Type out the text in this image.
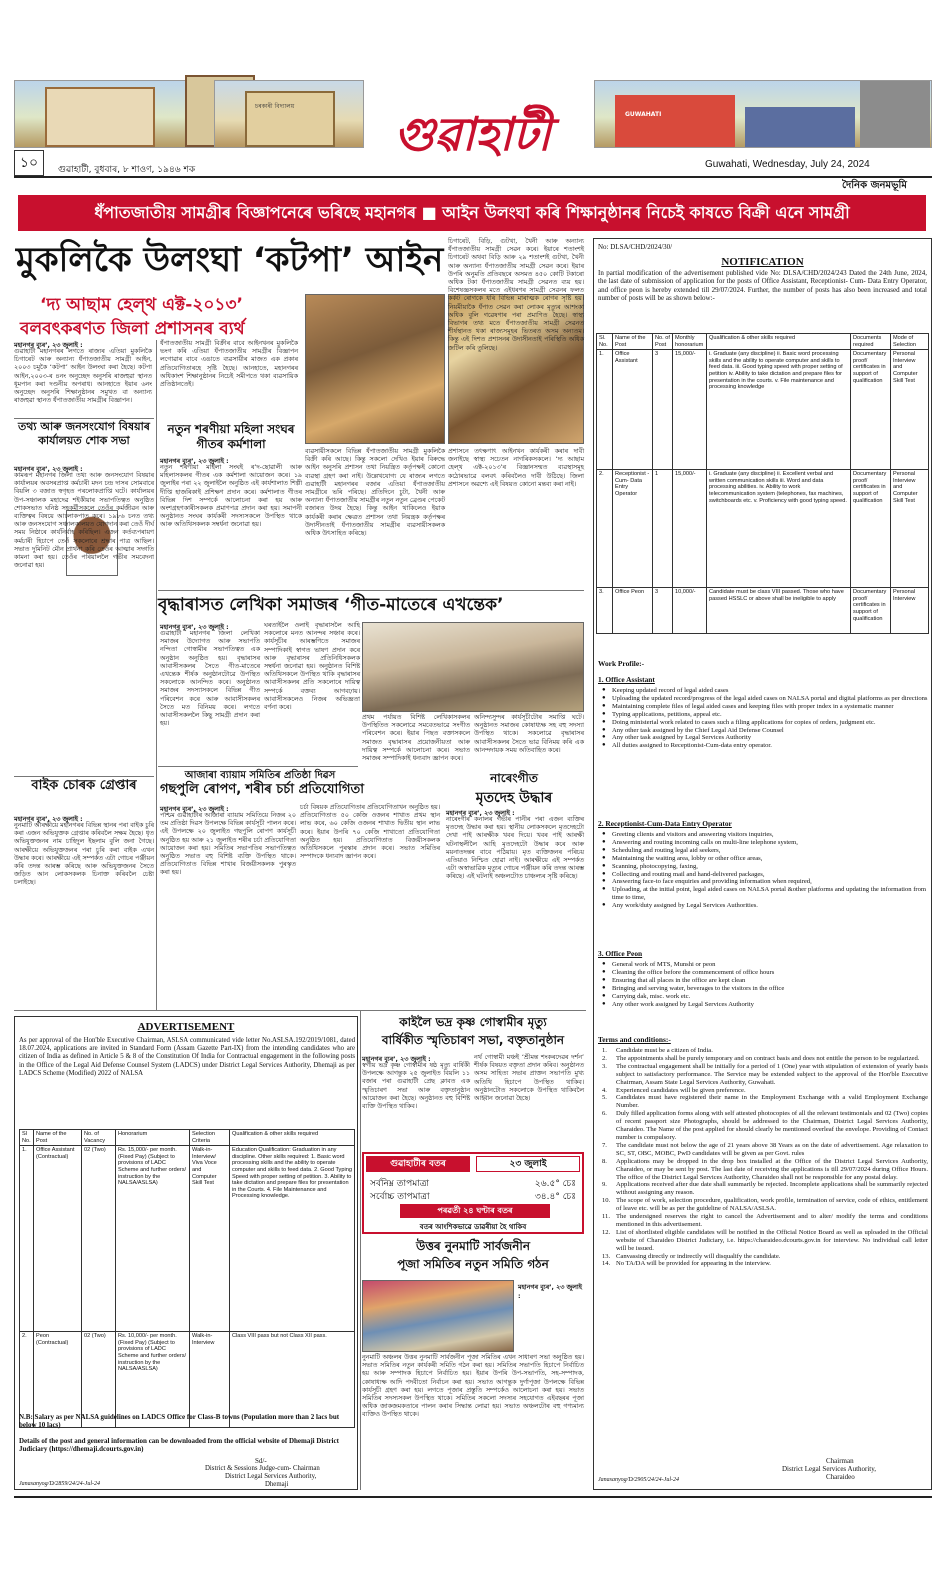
চৰকাৰী বিদ্যালয়
গুৱাহাটী	GUWAHATI
১০	গুৱাহাটী, বুধবাৰ, ৮ শাওণ, ১৯৪৬ শক	Guwahati, Wednesday, July 24, 2024
দৈনিক জনমভূমি
ধঁপাতজাতীয় সামগ্ৰীৰ বিজ্ঞাপনেৰে ভৰিছে মহানগৰ ■ আইন উলংঘা কৰি শিক্ষানুষ্ঠানৰ নিচেই কাষতে বিক্ৰী এনে সামগ্ৰী
মুকলিকৈ উলংঘা ‘কটপা’ আইন
‘দ্য আছাম হেল্‌থ এক্ট-২০১৩’
বলবৎকৰণত জিলা প্ৰশাসনৰ ব্যৰ্থ
মহানগৰ ব্যুৰ’, ২৩ জুলাই :
গুৱাহাটী মহানগৰৰ লগতে ৰাজ্যৰ এতিয়া মুকলিকৈ চিগাৰেট আৰু অন্যান্য ধঁপাতজাতীয় সামগ্ৰী আইন, ২০০৩ চমুকৈ ‘কটপা’ আইন উলংঘা কৰা হৈছে। কটপা আইন,২০০৩-ৰ ৪নং অনুচ্ছেদ অনুসৰি ৰাজহুৱা স্থানত ধূমপান কৰা দণ্ডনীয় অপৰাধ। আনহাতে ইয়াৰ ৬নং অনুচ্ছেদ অনুসৰি শিক্ষানুষ্ঠানৰ সমুখত বা অন্যান্য ৰাজহুৱা স্থানত ধঁপাতজাতীয় সামগ্ৰীৰ বিজ্ঞাপন।
ধঁপাতজাতীয় সামগ্ৰী বিক্ৰীৰ বাবে আইনখনৰ মুকলিকৈ ভংগ কৰি এতিয়া ধঁপাতজাতীয় সামগ্ৰীৰ বিজ্ঞাপন লগোৱাৰ বাবে এঙাতে ব্যৱসায়ীৰ মাজত এক প্ৰকাৰ প্ৰতিযোগিতাৰহে সৃষ্টি হৈছে। আনহাতে, মহানগৰৰ অধিকাংশ শিক্ষানুষ্ঠানৰ নিচেই সমীপতে থকা ব্যৱসায়িক প্ৰতিষ্ঠানতেই।
ব্যৱসায়ীসকলে বিভিন্ন ধঁপাতজাতীয় সামগ্ৰী মুকলিকৈ বিক্ৰী কৰি আছে। কিন্তু সকলো দেখিও ইয়াৰ বিৰুদ্ধে আইন অনুসৰি প্ৰশাসন তথা নিয়ন্ত্ৰিত কৰ্তৃপক্ষই কোনো ব্যৱস্থা গ্ৰহণ কৰা নাই। উল্লেখযোগ্য যে ৰাজ্যৰ লগতে গুৱাহাটী মহানগৰৰ বজাৰ এতিয়া ধঁপাতজাতীয় সামগ্ৰীৰে ভৰি পৰিছে। প্ৰতিদিনে চুটা, খৈনী আৰু অন্যান্য ধঁপাতজাতীয় সামগ্ৰীৰ নতুন নতুন ব্ৰেণ্ডৰ পেকেট বজাৰত উদয় হৈছে। কিন্তু আইন থাকিলেও ইয়াক কাৰ্যকৰী কৰাৰ ক্ষেত্ৰত প্ৰশাসন তথা নিয়ন্ত্ৰক কৰ্তৃপক্ষৰ উদাসীনতাই ধঁপাতজাতীয় সামগ্ৰীৰ ব্যৱসায়ীসকলক অধিক উৎসাহিত কৰিছে।
চিগাৰেট, বিড়ি, গুটখা, খৈনী আৰু অন্যান্য ধঁপাতজাতীয় সামগ্ৰী সেৱন কৰে। ইয়াৰে শতাংশই চিগাৰেট অথবা বিড়ি আৰু ২৯ শতাংশই গুটখা, খৈনী আৰু অন্যান্য ধঁপাতজাতীয় সামগ্ৰী সেৱন কৰে। ইয়াৰ উপৰি অনুমতি প্ৰতিবছৰে অসমত ৪৫০ কোটি টকাৰো অধিক টকা ধঁপাতজাতীয় সামগ্ৰী সেৱনত ব্যয় হয়। বিশেষজ্ঞসকলৰ মতে এইধৰণৰ সামগ্ৰী সেৱনৰ ফলত কৰ্কট ৰোগকে ধৰি বিভিন্ন মাৰাত্মক ৰোগৰ সৃষ্টি হয়। নিয়মীয়াকৈ ধঁপাত সেৱন কৰা লোকৰ মৃত্যুৰ আশংকা অধিক বুলি গৱেষণাৰ পৰা প্ৰমাণিত হৈছে। স্বাস্থ্য বিভাগৰ তথ্য মতে ধঁপাতজাতীয় সামগ্ৰী সেৱনত শীৰ্ষস্থানত থকা ৰাজ্যসমূহৰ ভিতৰত অসম অন্যতম। কিন্তু এই দিশত প্ৰশাসনৰ উদাসীনতাই পৰিস্থিতি অধিক জটিল কৰি তুলিছে।
প্ৰশাসনে তৎক্ষণাৎ আইনখন কাৰ্যকৰী কৰাৰ দাবী জনাইছে স্বাস্থ্য সচেতন নাগৰিকসকলে। ‘দ্য আছাম হেল্‌থ এক্ট-২০১৩’ৰ বিজ্ঞানসন্মত ব্যৱস্থাসমূহ কঠোৰভাৱে বলবৎ কৰিবলৈও দাবী উঠিছে। জিলা প্ৰশাসনে অৱশ্যে এই বিষয়ত কোনো মন্তব্য কৰা নাই।
তথ্য আৰু জনসংযোগ বিষয়াৰ কাৰ্যালয়ত শোক সভা
মহানগৰ ব্যুৰ’, ২৩ জুলাই :
কামৰূপ মহানগৰ জিলা তথ্য আৰু জনসংযোগ বিষয়াৰ কাৰ্যালয়ৰ অবসৰপ্ৰাপ্ত কৰ্মচাৰী মদন চন্দ্ৰ দাসৰ সোমবাৰে বিয়লি ৩ বজাত স্বগৃহত পৰলোকপ্ৰাপ্তি ঘটে। কাৰ্যালয়ৰ উপ-সঞ্চালক মহাদেৱ শইকীয়াৰ সভাপতিত্বত অনুষ্ঠিত শোকসভাত ঘনিষ্ঠ সহকৰ্মীসকলে তেওঁৰ কৰ্মজীৱন আৰু ব্যক্তিত্বৰ বিষয়ে আলোকপাত কৰে। ১৯৮৬ চনত তথ্য আৰু জনসংযোগ সঞ্চালকালয়ত যোগদান কৰা তেওঁ দীৰ্ঘ সময় নিষ্ঠাৰে কাৰ্যনিৰ্বাহ কৰিছিল। এজন কৰ্তব্যপৰায়ণ কৰ্মচাৰী হিচাপে তেওঁ সকলোৰে শ্ৰদ্ধাৰ পাত্ৰ আছিল। সভাত দুমিনিট মৌন প্ৰাৰ্থনা কৰি তেওঁৰ আত্মাৰ সদ্গতি কামনা কৰা হয়। তেওঁৰ পৰিয়াললৈ গভীৰ সমবেদনা জনোৱা হয়।
নতুন শৰণীয়া মহিলা সংঘৰ গীতৰ কৰ্মশালা
মহানগৰ ব্যুৰ’, ২৩ জুলাই :
নতুন শৰণীয়া মহিলা সংঘই ৰ’দ-ছোৱালী আৰু মহিলাসকলৰ গীতৰ এক কৰ্মশালা আয়োজন কৰে। ১৯ জুলাইৰ পৰা ২২ জুলাইলৈ অনুষ্ঠিত এই কাৰ্যশালাত শিল্পী দীপ্তি হাজৰিকাই প্ৰশিক্ষণ প্ৰদান কৰে। কৰ্মশালাত গীতৰ বিভিন্ন দিশ সম্পৰ্কে আলোচনা কৰা হয় আৰু অংশগ্ৰহণকাৰীসকলক প্ৰমাণপত্ৰ প্ৰদান কৰা হয়। সমাপনী অনুষ্ঠানত সংঘৰ কাৰ্যকৰী সদস্যসকলে উপস্থিত থাকে আৰু অতিথিসকলক সম্বৰ্ধনা জনোৱা হয়।
বৃদ্ধাৰাসত লেখিকা সমাজৰ ‘গীত-মাতেৰে এখন্তেক’
মহানগৰ ব্যুৰ’, ২৩ জুলাই :
গুৱাহাটী মহানগৰ জিলা লেখিকা সমাজৰ উদ্যোগত আৰু সভাপতি নন্দিতা গোস্বামীৰ সভাপতিত্বত এক অনুষ্ঠান অনুষ্ঠিত হয়। বৃদ্ধাৰাসৰ আবাসীসকলৰ সৈতে গীত-মাতেৰে এখন্তেক শীৰ্ষক অনুষ্ঠানটোৱে উপস্থিত সকলোকে আনন্দিত কৰে। অনুষ্ঠানত সমাজৰ সদস্যাসকলে বিভিন্ন গীত পৰিবেশন কৰে আৰু আবাসীসকলৰ সৈতে মত বিনিময় কৰে। লগতে আবাসীসকললৈ কিছু সামগ্ৰী প্ৰদান কৰা হয়।
ঘৰতাইলৈ ওলাই বৃদ্ধাৰাসলৈ আহি সকলোৰে মনত আনন্দৰ সঞ্চাৰ কৰে। কাৰ্যসূচীৰ আৰম্ভণিতে সমাজৰ সম্পাদিকাই স্বাগত ভাষণ প্ৰদান কৰে আৰু বৃদ্ধাৰাসৰ প্ৰতিনিধিসকলক সম্বৰ্ধনা জনোৱা হয়। অনুষ্ঠানত বিশিষ্ট অতিথিসকলে উপস্থিত থাকি বৃদ্ধাৰাসৰ আবাসীসকলৰ প্ৰতি সকলোৰে দায়িত্ব সম্পৰ্কে বক্তব্য আগবঢ়ায়। আবাসীসকলেও নিজৰ অভিজ্ঞতা বৰ্ণনা কৰে।
প্ৰথম পৰ্যায়ত বিশিষ্ট লেখিকাসকলৰ উপস্থিতিত সকলোৱে সমবেতভাৱে সংগীত পৰিবেশন কৰে। ইয়াৰ পিছত বক্তাসকলে সমাজত বৃদ্ধাৰাসৰ প্ৰয়োজনীয়তা আৰু দায়িত্ব সম্পৰ্কে আলোচনা কৰে। সভাত সমাজৰ সম্পাদিকাই ধন্যবাদ জ্ঞাপন কৰে।
অনিন্দ্যসুন্দৰ কাৰ্যসূচীটোৰ সমাপ্তি ঘটে। অনুষ্ঠানত সমাজৰ কোষাধ্যক্ষ সহ বহু সদস্যা উপস্থিত থাকে। সকলোৱে বৃদ্ধাৰাসৰ আবাসীসকলৰ সৈতে ভাৱ বিনিময় কৰি এক আনন্দদায়ক সময় অতিবাহিত কৰে।
বাইক চোৰক গ্ৰেপ্তাৰ
মহানগৰ ব্যুৰ’, ২৩ জুলাই :
নুনমাটি আৰক্ষীয়ে মহানগৰৰ বিভিন্ন স্থানৰ পৰা বাইক চুৰি কৰা এজন অভিযুক্তক গ্ৰেপ্তাৰ কৰিবলৈ সক্ষম হৈছে। ধৃত অভিযুক্তজনৰ নাম চাহিদুল ইছলাম বুলি জনা গৈছে। আৰক্ষীয়ে অভিযুক্তজনৰ পৰা চুৰি কৰা বাইক এখন উদ্ধাৰ কৰে। আৰক্ষীয়ে এই সম্পৰ্কত এটা গোচৰ পঞ্জীয়ন কৰি তদন্ত আৰম্ভ কৰিছে আৰু অভিযুক্তজনৰ সৈতে জড়িত আন লোকসকলক চিনাক্ত কৰিবলৈ চেষ্টা চলাইছে।
আজাৰা ব্যায়াম সমিতিৰ প্ৰতিষ্ঠা দিৱস
গছপুলি ৰোপণ, শৰীৰ চৰ্চা প্ৰতিযোগিতা
মহানগৰ ব্যুৰ’, ২৩ জুলাই :
পশ্চিম গুৱাহাটীৰ আজাৰা ব্যায়াম সমিতিয়ে নিজৰ ২০ তম প্ৰতিষ্ঠা দিৱস উপলক্ষে বিভিন্ন কাৰ্যসূচী পালন কৰে। এই উপলক্ষে ২০ জুলাইত গছপুলি ৰোপণ কাৰ্যসূচী অনুষ্ঠিত হয় আৰু ২১ জুলাইত শৰীৰ চৰ্চা প্ৰতিযোগিতা আয়োজন কৰা হয়। সমিতিৰ সভাপতিৰ সভাপতিত্বত অনুষ্ঠিত সভাত বহু বিশিষ্ট ব্যক্তি উপস্থিত থাকে। প্ৰতিযোগিতাত বিভিন্ন শাখাৰ বিজয়ীসকলক পুৰস্কৃত কৰা হয়।
চৰ্চা বিষয়ক প্ৰতিযোগিতাৰ প্ৰতিযোগিতাখন অনুষ্ঠিত হয়। প্ৰতিযোগিতাত ৫০ কেজি ওজনৰ শাখাত প্ৰথম স্থান লাভ কৰে, ৬০ কেজি ওজনৰ শাখাত দ্বিতীয় স্থান লাভ কৰে। ইয়াৰ উপৰি ৭০ কেজি শাখাতো প্ৰতিযোগিতা অনুষ্ঠিত হয়। প্ৰতিযোগিতাত বিজয়ীসকলক অতিথিসকলে পুৰস্কাৰ প্ৰদান কৰে। সভাত সমিতিৰ সম্পাদকে ধন্যবাদ জ্ঞাপন কৰে।
নাৰেংগীত
মৃতদেহ উদ্ধাৰ
মহানগৰ ব্যুৰ’, ২৩ জুলাই :
নাৰেংগীৰ কনালৰ গভীৰ পানীৰ পৰা এজন ব্যক্তিৰ মৃতদেহ উদ্ধাৰ কৰা হয়। স্থানীয় লোকসকলে মৃতদেহটো দেখা পাই আৰক্ষীক খবৰ দিয়ে। খবৰ পাই আৰক্ষী ঘটনাস্থলীলৈ আহি মৃতদেহটো উদ্ধাৰ কৰে আৰু ময়নাতদন্তৰ বাবে পঠিয়ায়। মৃত ব্যক্তিজনৰ পৰিচয় এতিয়াও নিশ্চিত হোৱা নাই। আৰক্ষীয়ে এই সম্পৰ্কত এটা অস্বাভাৱিক মৃত্যুৰ গোচৰ পঞ্জীয়ন কৰি তদন্ত আৰম্ভ কৰিছে। এই ঘটনাই অঞ্চলটোত চাঞ্চল্যৰ সৃষ্টি কৰিছে।
ADVERTISEMENT
As per approval of the Hon'ble Executive Chairman, ASLSA communicated vide letter No.ASLSA.192/2019/1081, dated 18.07.2024, applications are invited in Standard Form (Assam Gazette Part-IX) from the intending candidates who are citizen of India as defined in Article 5 & 8 of the Constitution Of India for Contractual engagement in the following posts in the Office of the Legal Aid Defense Counsel System (LADCS) under District Legal Services Authority, Dhemaji as per LADCS Scheme (Modified) 2022 of NALSA
Sl No.	Name of the Post	No. of Vacancy	Honorarium	Selection Criteria	Qualification & other skills required
1.	Office Assistant (Contractual)	02 (Two)	Rs. 15,000/- per month. (Fixed Pay) (Subject to provisions of LADC Scheme and further orders/ instruction by the NALSA/ASLSA)	Walk-in-Interview/ Viva Voce and Computer Skill Test	Education Qualification: Graduation in any discipline. Other skills required: 1. Basic word processing skills and the ability to operate computer and skills to feed data. 2. Good Typing Speed with proper setting of petition. 3. Ability to take dictation and prepare files for presentation in the Courts. 4. File Maintenance and Processing knowledge.
2.	Peon (Contractual)	02 (Two)	Rs. 10,000/- per month. (Fixed Pay) (Subject to provisions of LADC Scheme and further orders/ instruction by the NALSA/ASLSA)	Walk-in-Interview	Class VIII pass but not Class XII pass.
N.B: Salary as per NALSA guidelines on LADCS Office for Class-B towns (Population more than 2 lacs but below 10 lacs)
Details of the post and general information can be downloaded from the official website of Dhemaji District Judiciary (https://dhemaji.dcourts.gov.in)
Sd/-
District & Sessions Judge-cum- Chairman
District Legal Services Authority,
Dhemaji
Janasanyog/D/2859/24/24-Jul-24
কাইলৈ ভদ্ৰ কৃষ্ণ গোস্বামীৰ মৃত্যু
বাৰ্ষিকীত স্মৃতিচাৰণ সভা, বক্তৃতানুষ্ঠান
মহানগৰ ব্যুৰ’, ২৩ জুলাই :
স্বৰ্গীয় ভদ্ৰ কৃষ্ণ গোস্বামীৰ ষষ্ঠ মৃত্যু বাৰ্ষিকী উপলক্ষে আগন্তুক ২৫ জুলাইত বিয়লি ১১ বজাৰ পৰা গুৱাহাটী প্ৰেছ ক্লাবত এক স্মৃতিচাৰণ সভা আৰু বক্তৃতানুষ্ঠান আয়োজন কৰা হৈছে। অনুষ্ঠানত বহু বিশিষ্ট ব্যক্তি উপস্থিত থাকিব।
নৰ্থ গোস্বামী মঞ্চই ‘শ্ৰীমন্ত শংকৰদেৱৰ দৰ্শন’ শীৰ্ষক বিষয়ত বক্তৃতা প্ৰদান কৰিব। অনুষ্ঠানত অসম সাহিত্য সভাৰ প্ৰাক্তন সভাপতি মুখ্য অতিথি হিচাপে উপস্থিত থাকিব। অনুষ্ঠানটোত সকলোকে উপস্থিত থাকিবলৈ আহ্বান জনোৱা হৈছে।
গুৱাহাটীৰ বতৰ	২৩ জুলাই
সৰ্বনিম্ন তাপমাত্ৰা	২৬.৫° চেঃ
সৰ্বোচ্চ তাপমাত্ৰা	৩৪.৪° চেঃ
পৰৱৰ্তী ২৪ ঘণ্টাৰ বতৰ
বতৰ আংশিকভাৱে ডাৱৰীয়া হৈ থাকিব
উত্তৰ নুনমাটি সাৰ্বজনীন
পূজা সমিতিৰ নতুন সমিতি গঠন
মহানগৰ ব্যুৰ’, ২৩ জুলাই :
নুনমাটি অঞ্চলৰ উত্তৰ নুনমাটি সাৰ্বজনীন পূজা সমিতিৰ এখন সাধাৰণ সভা অনুষ্ঠিত হয়। সভাত সমিতিৰ নতুন কাৰ্যকৰী সমিতি গঠন কৰা হয়। সমিতিৰ সভাপতি হিচাপে নিৰ্বাচিত হয় আৰু সম্পাদক হিচাপে নিৰ্বাচিত হয়। ইয়াৰ উপৰি উপ-সভাপতি, সহ-সম্পাদক, কোষাধ্যক্ষ আদি পদবীতো নিৰ্বাচন কৰা হয়। সভাত আগন্তুক দুৰ্গাপূজা উপলক্ষে বিভিন্ন কাৰ্যসূচী গ্ৰহণ কৰা হয়। লগতে পূজাৰ প্ৰস্তুতি সম্পৰ্কেও আলোচনা কৰা হয়। সভাত সমিতিৰ সদস্যসকল উপস্থিত থাকে। সমিতিৰ সকলো সদস্যৰ সহযোগত এইবছৰৰ পূজা অধিক জাকজমকতাৰে পালন কৰাৰ সিদ্ধান্ত লোৱা হয়। সভাত অঞ্চলটোৰ বহু গণ্যমান্য ব্যক্তিও উপস্থিত থাকে।
No: DLSA/CHD/2024/30/
NOTIFICATION
In partial modification of the advertisement published vide No: DLSA/CHD/2024/243 Dated the 24th June, 2024, the last date of submission of application for the posts of Office Assistant, Receptionist- Cum- Data Entry Operator, and office peon is hereby extended till 29/07/2024. Further, the number of posts has also been increased and total number of posts will be as shown below:-
Sl. No.	Name of the Post	No. of Post	Monthly honorarium	Qualification & other skills required	Documents required	Mode of Selection
1.	Office Assistant	3	15,000/-	i. Graduate (any discipline) ii. Basic word processing skills and the ability to operate computer and skills to feed data. iii. Good typing speed with proper setting of petition iv. Ability to take dictation and prepare files for presentation in the courts. v. File maintenance and processing knowledge	Documentary proof/ certificates in support of qualification	Personal Interview and Computer Skill Test
2.	Receptionist - Cum- Data Entry Operator	1	15,000/-	i. Graduate (any discipline) ii. Excellent verbal and written communication skills iii. Word and data processing abilities. iv. Ability to work telecommunication system (telephones, fax machines, switchboards etc. v. Proficiency with good typing speed.	Documentary proof/ certificates in support of qualification	Personal Interview and Computer Skill Test
3.	Office Peon	3	10,000/-	Candidate must be class VIII passed. Those who have passed HSSLC or above shall be ineligible to apply	Documentary proof/ certificates in support of qualification	Personal Interview
Work Profile:-
1. Office Assistant
● Keeping updated record of legal aided cases
● Uploading the updated record/progress of the legal aided cases on NALSA portal and digital platforms as per directions
● Maintaining complete files of legal aided cases and keeping files with proper index in a systematic manner
● Typing applications, petitions, appeal etc.
● Doing ministerial work related to cases such a filing applications for copies of orders, judgment etc.
● Any other task assigned by the Chief Legal Aid Defense Counsel
● Any other task assigned by Legal Services Authority
● All duties assigned to Receptionist-Cum-data entry operator.
2. Receptionist-Cum-Data Entry Operator
● Greeting clients and visitors and answering visitors inquiries,
● Answering and routing incoming calls on multi-line telephone system,
● Scheduling and routing legal aid seekers,
● Maintaining the waiting area, lobby or other office areas,
● Scanning, photocopying, faxing,
● Collecting and routing mail and hand-delivered packages,
● Answering face-to face enquiries and providing information when required,
● Uploading, at the initial point, legal aided cases on NALSA portal &other platforms and updating the information from time to time,
● Any work/duty assigned by Legal Services Authorities.
3. Office Peon
● General work of MTS, Munshi or peon
● Cleaning the office before the commencement of office hours
● Ensuring that all places in the office are kept clean
● Bringing and serving water, beverages to the visitors in the office
● Carrying dak, misc. work etc.
● Any other work assigned by Legal Services Authority
Terms and conditions:-
1. Candidate must be a citizen of India.
2. The appointments shall be purely temporary and on contract basis and does not entitle the person to be regularized.
3. The contractual engagement shall be initially for a period of 1 (One) year with stipulation of extension of yearly basis subject to satisfactory performance. The Service may be extended subject to the approval of the Hon'ble Executive Chairman, Assam State Legal Services Authority, Guwahati.
4. Experienced candidates will be given preference.
5. Candidates must have registered their name in the Employment Exchange with a valid Employment Exchange Number.
6. Duly filled application forms along with self attested photocopies of all the relevant testimonials and 02 (Two) copies of recent passport size Photographs, should be addressed to the Chairman, District Legal Services Authority, Charaideo. The Name of the post applied for should clearly be mentioned overleaf the envelope. Providing of Contact number is compulsory.
7. The candidate must not below the age of 21 years above 38 Years as on the date of advertisement. Age relaxation to SC, ST, OBC, MOBC, PwD candidates will be given as per Govt. rules
8. Applications may be dropped in the drop box installed at the Office of the District Legal Services Authority, Charaideo, or may be sent by post. The last date of receiving the applications is till 29/07/2024 during Office Hours. The office of the District Legal Services Authority, Charaideo shall not be responsible for any postal delay.
9. Applications received after due date shall summarily be rejected. Incomplete applications shall be summarily rejected without assigning any reason.
10. The scope of work, selection procedure, qualification, work profile, termination of service, code of ethics, entitlement of leave etc. will be as per the guideline of NALSA/ASLSA.
11. The undersigned reserves the right to cancel the Advertisement and to alter/ modify the terms and conditions mentioned in this advertisement.
12. List of shortlisted eligible candidates will be notified in the Official Notice Board as well as uploaded in the Official website of Charaideo District Judiciary, i.e. https://charaideo.dcourts.gov.in for interview. No individual call letter will be issued.
13. Canvassing directly or indirectly will disqualify the candidate.
14. No TA/DA will be provided for appearing in the interview.
Chairman
District Legal Services Authority,
Charaideo
Janasanyog/D/2905/24/24-Jul-24
